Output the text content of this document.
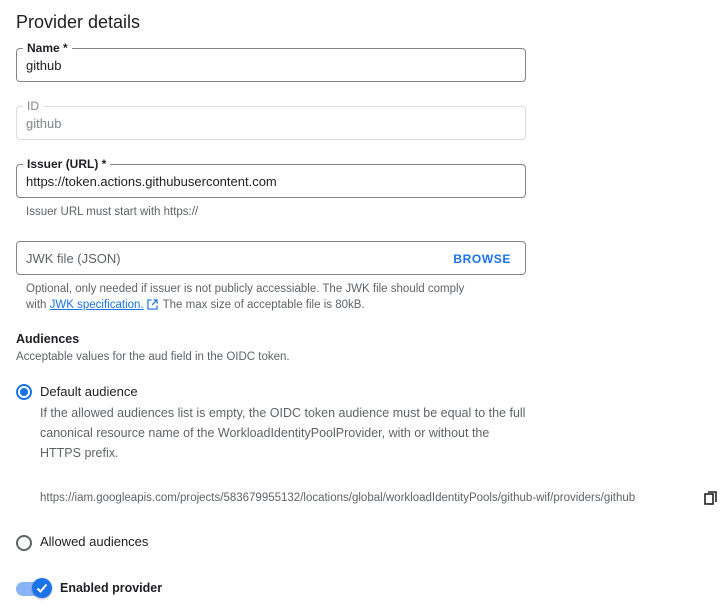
Provider details
Name *
github
ID
github
Issuer (URL) *
https://token.actions.githubusercontent.com
Issuer URL must start with https://
JWK file (JSON)	BROWSE
Optional, only needed if issuer is not publicly accessiable. The JWK file should comply
with JWK specification. The max size of acceptable file is 80kB.
Audiences
Acceptable values for the aud field in the OIDC token.
Default audience
If the allowed audiences list is empty, the OIDC token audience must be equal to the full canonical resource name of the WorkloadIdentityPoolProvider, with or without the HTTPS prefix.
https://iam.googleapis.com/projects/583679955132/locations/global/workloadIdentityPools/github-wif/providers/github
Allowed audiences
Enabled provider
